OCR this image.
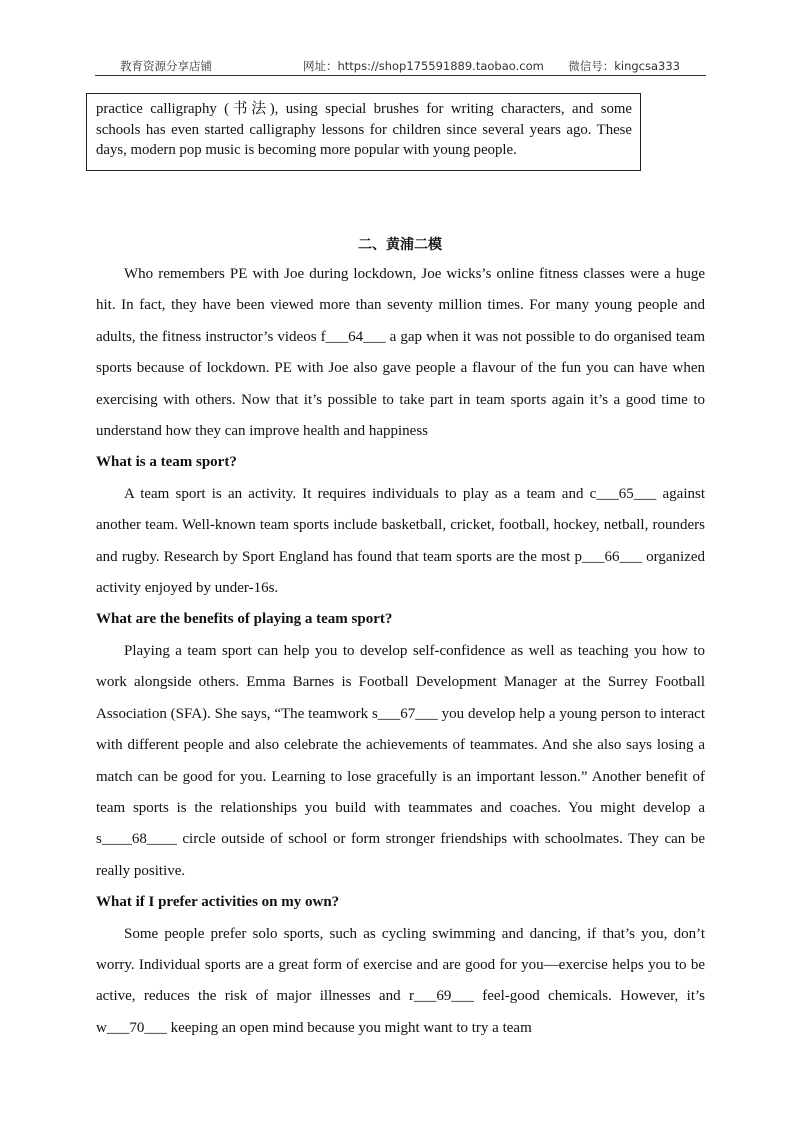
教育资源分享店铺	网址：https://shop175591889.taobao.com 微信号：kingcsa333

practice calligraphy (书法), using special brushes for writing characters, and some schools has even started calligraphy lessons for children since several years ago. These days, modern pop music is becoming more popular with young people.

二、黄浦二模

Who remembers PE with Joe during lockdown, Joe wicks’s online fitness classes were a huge hit. In fact, they have been viewed more than seventy million times. For many young people and adults, the fitness instructor’s videos f___64___ a gap when it was not possible to do organised team sports because of lockdown. PE with Joe also gave people a flavour of the fun you can have when exercising with others. Now that it’s possible to take part in team sports again it’s a good time to understand how they can improve health and happiness

What is a team sport?

A team sport is an activity. It requires individuals to play as a team and c___65___ against another team. Well-known team sports include basketball, cricket, football, hockey, netball, rounders and rugby. Research by Sport England has found that team sports are the most p___66___ organized activity enjoyed by under-16s.

What are the benefits of playing a team sport?

Playing a team sport can help you to develop self-confidence as well as teaching you how to work alongside others. Emma Barnes is Football Development Manager at the Surrey Football Association (SFA). She says, “The teamwork s___67___ you develop help a young person to interact with different people and also celebrate the achievements of teammates. And she also says losing a match can be good for you. Learning to lose gracefully is an important lesson.” Another benefit of team sports is the relationships you build with teammates and coaches. You might develop a s____68____ circle outside of school or form stronger friendships with schoolmates. They can be really positive.

What if I prefer activities on my own?

Some people prefer solo sports, such as cycling swimming and dancing, if that’s you, don’t worry. Individual sports are a great form of exercise and are good for you—exercise helps you to be active, reduces the risk of major illnesses and r___69___ feel-good chemicals. However, it’s w___70___ keeping an open mind because you might want to try a team
